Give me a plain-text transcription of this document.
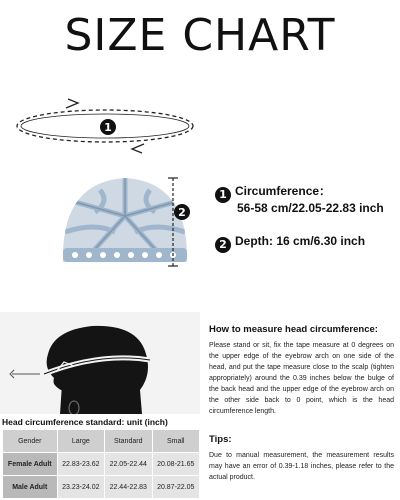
SIZE CHART
1
2
1 Circumference：
56-58 cm/22.05-22.83 inch
2 Depth: 16 cm/6.30 inch
Head circumference standard: unit (inch)
Gender	Large	Standard	Small
Female Adult	22.83-23.62	22.05-22.44	20.08-21.65
Male Adult	23.23-24.02	22.44-22.83	20.87-22.05
How to measure head circumference:

Please stand or sit, fix the tape measure at 0 degrees on the upper edge of the eyebrow arch on one side of the head, and put the tape measure close to the scalp (tighten appropriately) around the 0.39 inches below the bulge of the back head and the upper edge of the eyebrow arch on the other side back to 0 point, which is the head circumference length.

Tips:

Due to manual measurement, the measurement results may have an error of 0.39-1.18 inches, please refer to the actual product.
